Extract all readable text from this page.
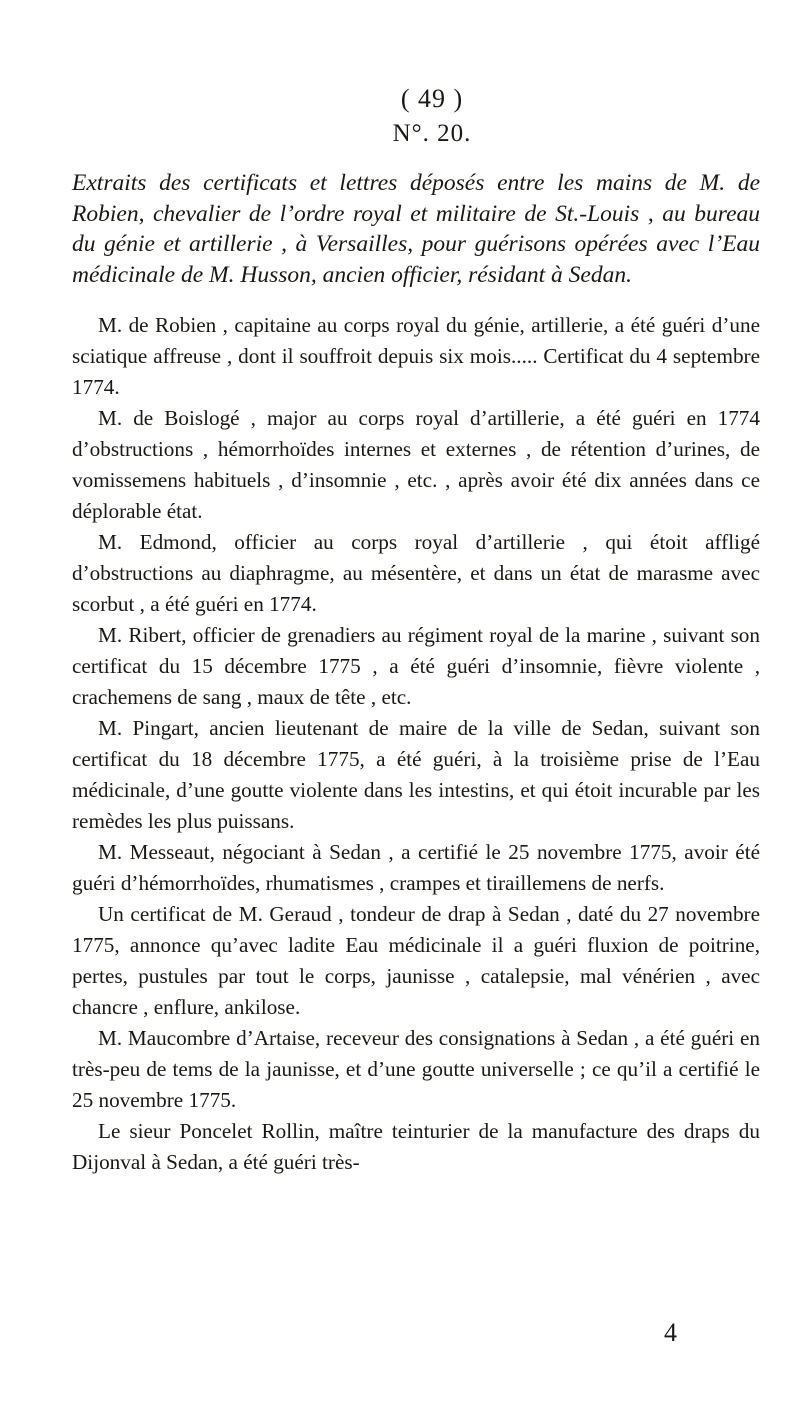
( 49 )
N°. 20.
Extraits des certificats et lettres déposés entre les mains de M. de Robien, chevalier de l’ordre royal et militaire de St.-Louis , au bureau du génie et artillerie , à Versailles, pour guérisons opérées avec l’Eau médicinale de M. Husson, ancien officier, résidant à Sedan.

M. de Robien , capitaine au corps royal du génie, artillerie, a été guéri d’une sciatique affreuse , dont il souffroit depuis six mois..... Certificat du 4 septembre 1774.

M. de Boislogé , major au corps royal d’artillerie, a été guéri en 1774 d’obstructions , hémorrhoïdes internes et externes , de rétention d’urines, de vomissemens habituels , d’insomnie , etc. , après avoir été dix années dans ce déplorable état.

M. Edmond, officier au corps royal d’artillerie , qui étoit affligé d’obstructions au diaphragme, au mésentère, et dans un état de marasme avec scorbut , a été guéri en 1774.

M. Ribert, officier de grenadiers au régiment royal de la marine , suivant son certificat du 15 décembre 1775 , a été guéri d’insomnie, fièvre violente , crachemens de sang , maux de tête , etc.

M. Pingart, ancien lieutenant de maire de la ville de Sedan, suivant son certificat du 18 décembre 1775, a été guéri, à la troisième prise de l’Eau médicinale, d’une goutte violente dans les intestins, et qui étoit incurable par les remèdes les plus puissans.

M. Messeaut, négociant à Sedan , a certifié le 25 novembre 1775, avoir été guéri d’hémorrhoïdes, rhumatismes , crampes et tiraillemens de nerfs.

Un certificat de M. Geraud , tondeur de drap à Sedan , daté du 27 novembre 1775, annonce qu’avec ladite Eau médicinale il a guéri fluxion de poitrine, pertes, pustules par tout le corps, jaunisse , catalepsie, mal vénérien , avec chancre , enflure, ankilose.

M. Maucombre d’Artaise, receveur des consignations à Sedan , a été guéri en très-peu de tems de la jaunisse, et d’une goutte universelle ; ce qu’il a certifié le 25 novembre 1775.

Le sieur Poncelet Rollin, maître teinturier de la manufacture des draps du Dijonval à Sedan, a été guéri très-

4
